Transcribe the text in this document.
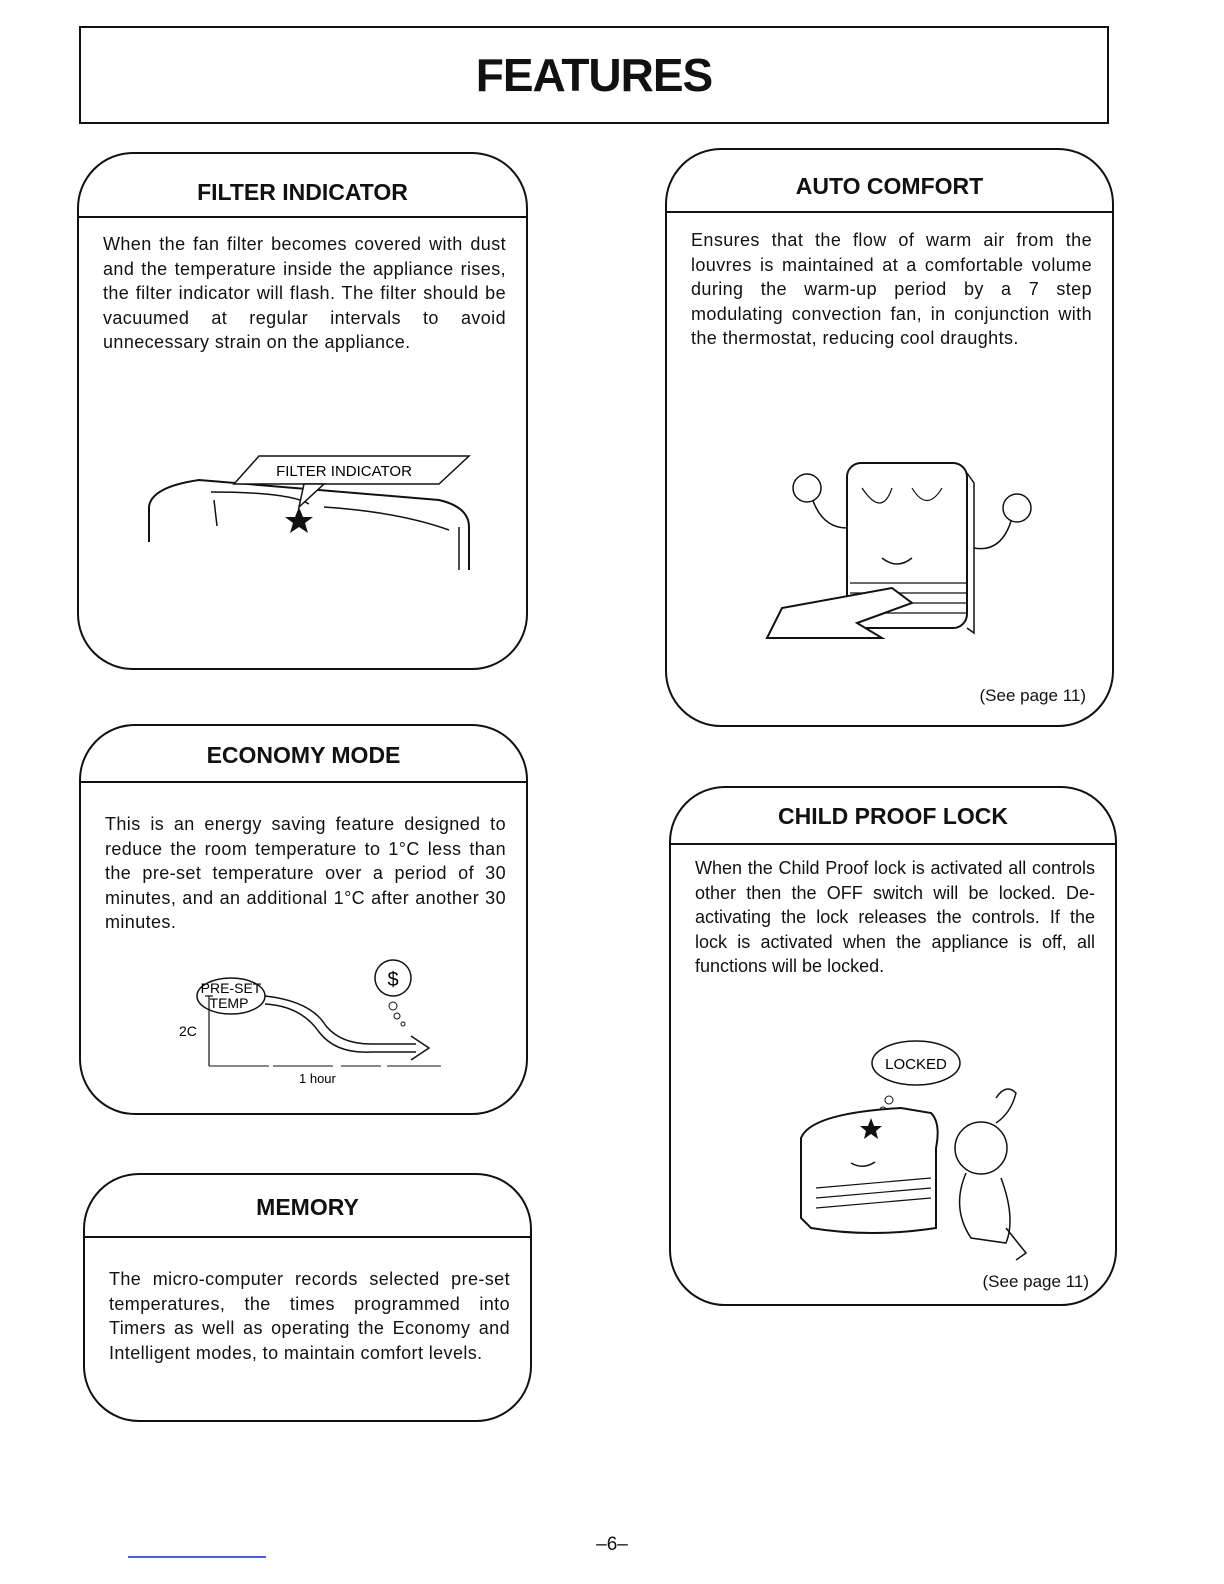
FEATURES
FILTER INDICATOR
When the fan filter becomes covered with dust and the temperature inside the appliance rises, the filter indicator will flash. The filter should be vacuumed at regular intervals to avoid unnecessary strain on the appliance.
FILTER INDICATOR
AUTO COMFORT
Ensures that the flow of warm air from the louvres is maintained at a comfortable volume during the warm-up period by a 7 step modulating convection fan, in conjunction with the thermostat, reducing cool draughts.
(See page 11)
ECONOMY MODE
This is an energy saving feature designed to reduce the room temperature to 1°C less than the pre-set temperature over a period of 30 minutes, and an additional 1°C after another 30 minutes.
PRE-SET
TEMP
2C
1 hour
$
CHILD PROOF LOCK
When the Child Proof lock is activated all controls other then the OFF switch will be locked. De-activating the lock releases the controls. If the lock is activated when the appliance is off, all functions will be locked.
LOCKED
(See page 11)
MEMORY
The micro-computer records selected pre-set temperatures, the times programmed into Timers as well as operating the Economy and Intelligent modes, to maintain comfort levels.
–6–
